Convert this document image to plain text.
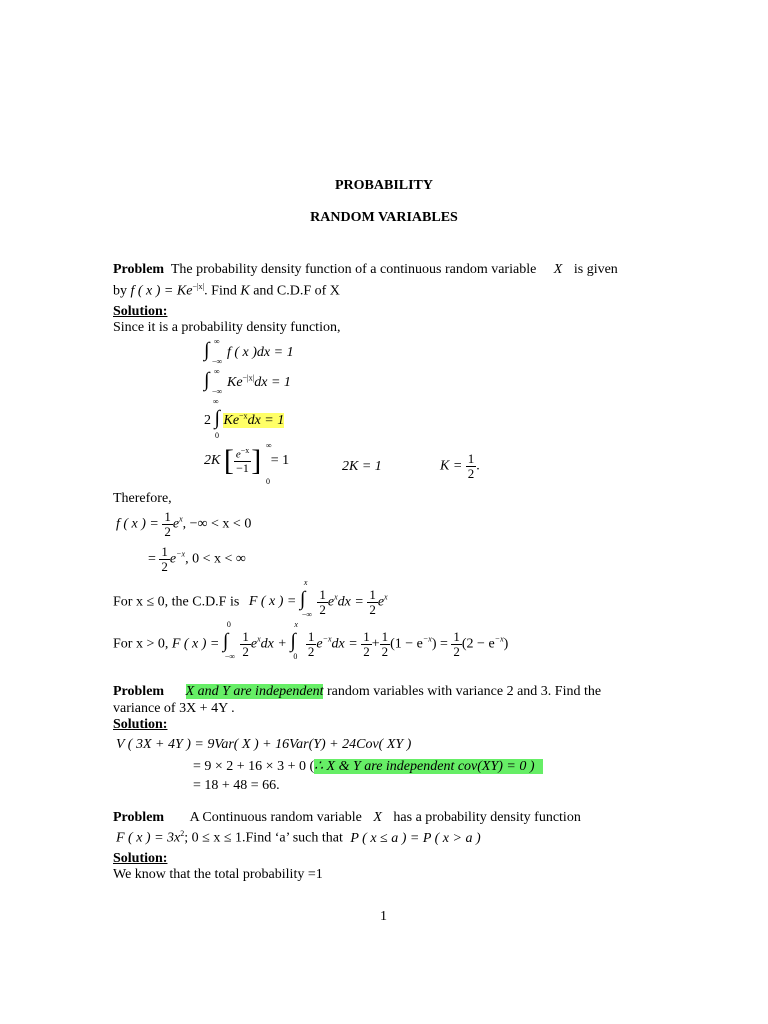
PROBABILITY
RANDOM VARIABLES
Problem The probability density function of a continuous random variable X is given
by f ( x ) = $Ke^{-|x|}$. Find K and C.D.F of X
Solution:
Since it is a probability density function,
∫ ∞
−∞
f ( x )dx = 1
∫ ∞
−∞
$Ke^{-|x|}dx = 1$
2 ∫
∞
0
$Ke^{-x}dx = 1$
2K [ $\frac{e^{-x}}{-1}$ ] ∞
0
= 1	2K = 1	$K = \frac{1}{2}$ .
Therefore,
f ( x ) = $\frac{1}{2} e^x$, −∞ < x < 0
= $\frac{1}{2} e^{-x}$, 0 < x < ∞
For x ≤ 0, the C.D.F is F ( x ) = ∫
x
−∞
$\frac{1}{2} e^xdx = \frac{1}{2} e^x$
For x > 0, F ( x ) = ∫
0
−∞
$\frac{1}{2} e^xdx$ + ∫
x
0
$\frac{1}{2} e^{-x}dx = \frac{1}{2} + \frac{1}{2} (1 - e^{-x}) = \frac{1}{2} (2 - e^{-x})$
Problem X and Y are independent random variables with variance 2 and 3. Find the
variance of 3X + 4Y .
Solution:
V ( 3X + 4Y ) = 9Var( X ) + 16Var(Y) + 24Cov( XY )
= 9 × 2 + 16 × 3 + 0 (∴ X & Y are independent cov(XY) = 0 )
= 18 + 48 = 66.
Problem A Continuous random variable X has a probability density function
F ( x ) = $3x^2$; 0 ≤ x ≤ 1.Find ‘a’ such that P ( x ≤ a ) = P ( x > a )
Solution:
We know that the total probability =1
1
